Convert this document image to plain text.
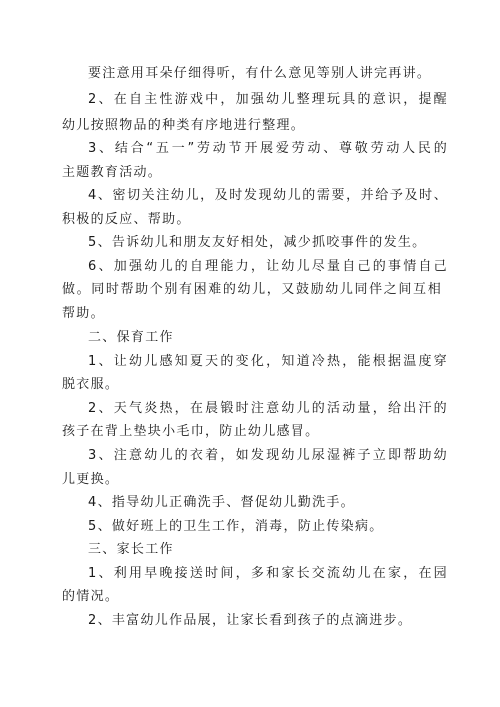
要注意用耳朵仔细得听，有什么意见等别人讲完再讲。
2、在自主性游戏中，加强幼儿整理玩具的意识，提醒
幼儿按照物品的种类有序地进行整理。
3、结合“五一”劳动节开展爱劳动、尊敬劳动人民的
主题教育活动。
4、密切关注幼儿，及时发现幼儿的需要，并给予及时、
积极的反应、帮助。
5、告诉幼儿和朋友友好相处，减少抓咬事件的发生。
6、加强幼儿的自理能力，让幼儿尽量自己的事情自己
做。同时帮助个别有困难的幼儿，又鼓励幼儿同伴之间互相
帮助。
二、保育工作
1、让幼儿感知夏天的变化，知道冷热，能根据温度穿
脱衣服。
2、天气炎热，在晨锻时注意幼儿的活动量，给出汗的
孩子在背上垫块小毛巾，防止幼儿感冒。
3、注意幼儿的衣着，如发现幼儿尿湿裤子立即帮助幼
儿更换。
4、指导幼儿正确洗手、督促幼儿勤洗手。
5、做好班上的卫生工作，消毒，防止传染病。
三、家长工作
1、利用早晚接送时间，多和家长交流幼儿在家，在园
的情况。
2、丰富幼儿作品展，让家长看到孩子的点滴进步。
